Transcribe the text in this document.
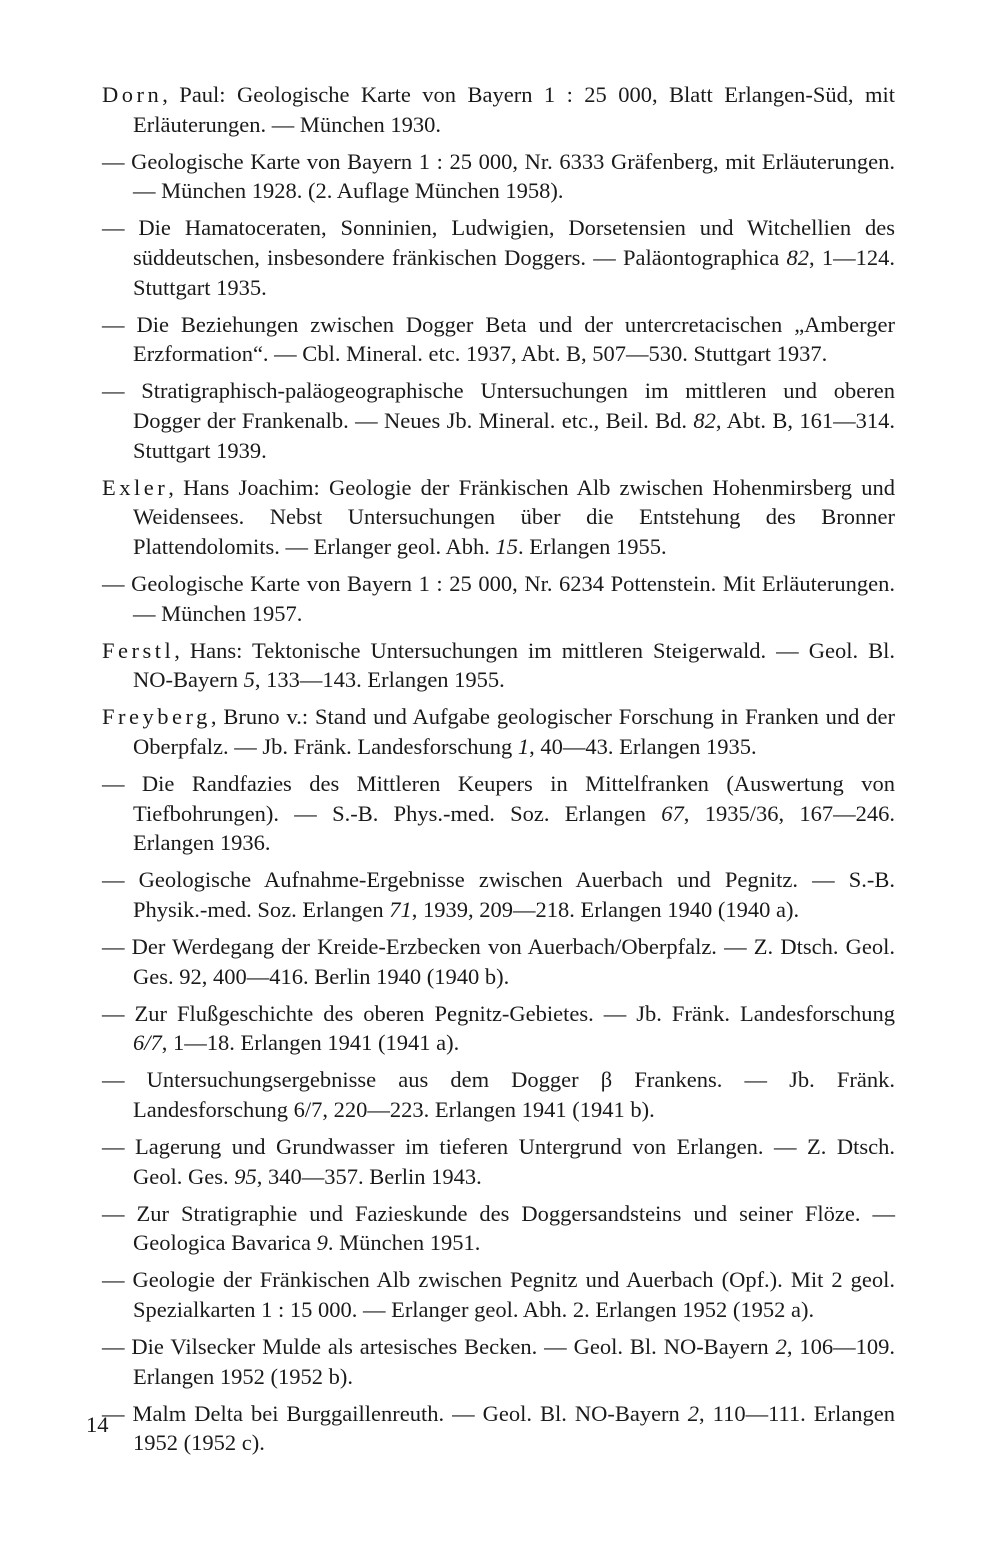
Dorn, Paul: Geologische Karte von Bayern 1 : 25 000, Blatt Erlangen-Süd, mit Erläuterungen. — München 1930.

— Geologische Karte von Bayern 1 : 25 000, Nr. 6333 Gräfenberg, mit Erläuterungen. — München 1928. (2. Auflage München 1958).

— Die Hamatoceraten, Sonninien, Ludwigien, Dorsetensien und Witchellien des süddeutschen, insbesondere fränkischen Doggers. — Paläontographica 82, 1—124. Stuttgart 1935.

— Die Beziehungen zwischen Dogger Beta und der untercretacischen „Amberger Erzformation“. — Cbl. Mineral. etc. 1937, Abt. B, 507—530. Stuttgart 1937.

— Stratigraphisch-paläogeographische Untersuchungen im mittleren und oberen Dogger der Frankenalb. — Neues Jb. Mineral. etc., Beil. Bd. 82, Abt. B, 161—314. Stuttgart 1939.

Exler, Hans Joachim: Geologie der Fränkischen Alb zwischen Hohenmirsberg und Weidensees. Nebst Untersuchungen über die Entstehung des Bronner Plattendolomits. — Erlanger geol. Abh. 15. Erlangen 1955.

— Geologische Karte von Bayern 1 : 25 000, Nr. 6234 Pottenstein. Mit Erläuterungen. — München 1957.

Ferstl, Hans: Tektonische Untersuchungen im mittleren Steigerwald. — Geol. Bl. NO-Bayern 5, 133—143. Erlangen 1955.

Freyberg, Bruno v.: Stand und Aufgabe geologischer Forschung in Franken und der Oberpfalz. — Jb. Fränk. Landesforschung 1, 40—43. Erlangen 1935.

— Die Randfazies des Mittleren Keupers in Mittelfranken (Auswertung von Tiefbohrungen). — S.-B. Phys.-med. Soz. Erlangen 67, 1935/36, 167—246. Erlangen 1936.

— Geologische Aufnahme-Ergebnisse zwischen Auerbach und Pegnitz. — S.-B. Physik.-med. Soz. Erlangen 71, 1939, 209—218. Erlangen 1940 (1940 a).

— Der Werdegang der Kreide-Erzbecken von Auerbach/Oberpfalz. — Z. Dtsch. Geol. Ges. 92, 400—416. Berlin 1940 (1940 b).

— Zur Flußgeschichte des oberen Pegnitz-Gebietes. — Jb. Fränk. Landesforschung 6/7, 1—18. Erlangen 1941 (1941 a).

— Untersuchungsergebnisse aus dem Dogger β Frankens. — Jb. Fränk. Landesforschung 6/7, 220—223. Erlangen 1941 (1941 b).

— Lagerung und Grundwasser im tieferen Untergrund von Erlangen. — Z. Dtsch. Geol. Ges. 95, 340—357. Berlin 1943.

— Zur Stratigraphie und Fazieskunde des Doggersandsteins und seiner Flöze. — Geologica Bavarica 9. München 1951.

— Geologie der Fränkischen Alb zwischen Pegnitz und Auerbach (Opf.). Mit 2 geol. Spezialkarten 1 : 15 000. — Erlanger geol. Abh. 2. Erlangen 1952 (1952 a).

— Die Vilsecker Mulde als artesisches Becken. — Geol. Bl. NO-Bayern 2, 106—109. Erlangen 1952 (1952 b).

— Malm Delta bei Burggaillenreuth. — Geol. Bl. NO-Bayern 2, 110—111. Erlangen 1952 (1952 c).

14
